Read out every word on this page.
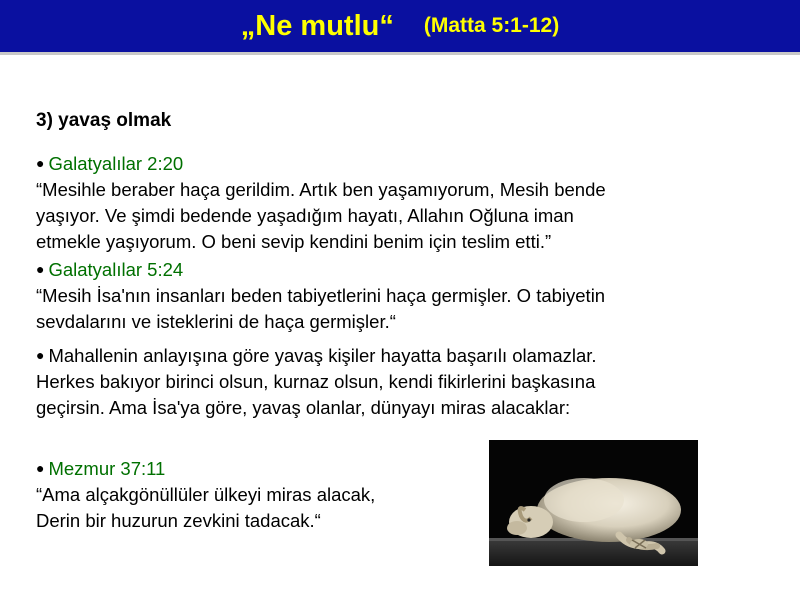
„Ne mutlu“ (Matta 5:1-12)
3) yavaş olmak
● Galatyalılar 2:20
“Mesihle beraber haça gerildim. Artık ben yaşamıyorum, Mesih bende
yaşıyor. Ve şimdi bedende yaşadığım hayatı, Allahın Oğluna iman
etmekle yaşıyorum. O beni sevip kendini benim için teslim etti.”
● Galatyalılar 5:24
“Mesih İsa'nın insanları beden tabiyetlerini haça germişler. O tabiyetin
sevdalarını ve isteklerini de haça germişler.“
● Mahallenin anlayışına göre yavaş kişiler hayatta başarılı olamazlar.
Herkes bakıyor birinci olsun, kurnaz olsun, kendi fikirlerini başkasına
geçirsin. Ama İsa'ya göre, yavaş olanlar, dünyayı miras alacaklar:
● Mezmur 37:11
“Ama alçakgönüllüler ülkeyi miras alacak,
Derin bir huzurun zevkini tadacak.“
